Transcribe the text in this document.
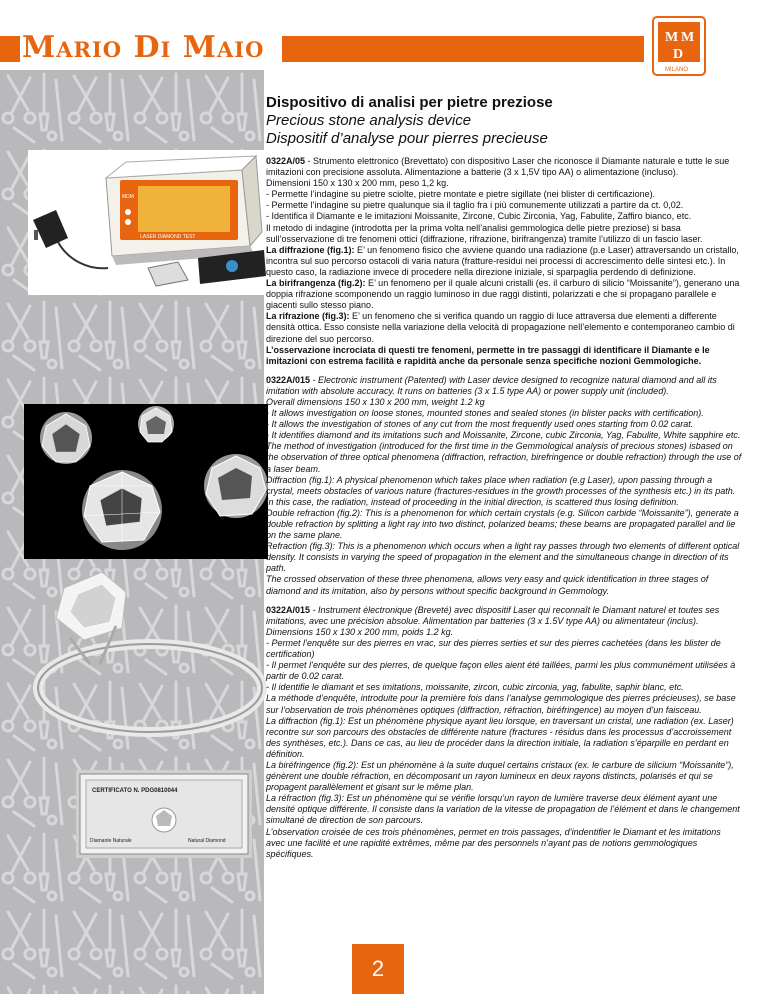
Mario Di Maio	M M
D
MILANO
MDM
LASER DIAMOND TEST
CERTIFICATO N. PDG0810044
Diamante Naturale	Natural Diamond

Dispositivo di analisi per pietre preziose

Precious stone analysis device

Dispositif d’analyse pour pierres precieuse

0322A/05 - Strumento elettronico (Brevettato) con dispositivo Laser che riconosce il Diamante naturale e tutte le sue imitazioni con precisione assoluta. Alimentazione a batterie (3 x 1,5V tipo AA) o alimentazione (incluso).

Dimensioni 150 x 130 x 200 mm, peso 1,2 kg.

- Permette l’indagine su pietre sciolte, pietre montate e pietre sigillate (nei blister di certificazione).

- Permette l’indagine su pietre qualunque sia il taglio fra i più comunemente utilizzati a partire da ct. 0,02.

- Identifica il Diamante e le imitazioni Moissanite, Zircone, Cubic Zirconia, Yag, Fabulite, Zaffiro bianco, etc.

Il metodo di indagine (introdotta per la prima volta nell’analisi gemmologica delle pietre preziose) si basa sull’osservazione di tre fenomeni ottici (diffrazione, rifrazione, birifrangenza) tramite l’utilizzo di un fascio laser.

La diffrazione (fig.1): E’ un fenomeno fisico che avviene quando una radiazione (p.e Laser) attraversando un cristallo, incontra sul suo percorso ostacoli di varia natura (fratture-residui nei processi di accrescimento delle sintesi etc.). In questo caso, la radiazione invece di procedere nella direzione iniziale, si sparpaglia perdendo di definizione.

La birifrangenza (fig.2): E’ un fenomeno per il quale alcuni cristalli (es. il carburo di silicio “Moissanite”), generano una doppia rifrazione scomponendo un raggio luminoso in due raggi distinti, polarizzati e che si propagano parallele e giacenti sullo stesso piano.

La rifrazione (fig.3): E’ un fenomeno che si verifica quando un raggio di luce attraversa due elementi a differente densità ottica. Esso consiste nella variazione della velocità di propagazione nell’elemento e contemporaneo cambio di direzione del suo percorso.

L’osservazione incrociata di questi tre fenomeni, permette in tre passaggi di identificare il Diamante e le imitazioni con estrema facilità e rapidità anche da personale senza specifiche nozioni Gemmologiche.

0322A/015 - Electronic instrument (Patented) with Laser device designed to recognize natural diamond and all its imitation with absolute accuracy. It runs on batteries (3 x 1.5 type AA) or power supply unit (included).

Overall dimensions 150 x 130 x 200 mm, weight 1.2 kg

- It allows investigation on loose stones, mounted stones and sealed stones (in blister packs with certification).

- It allows the investigation of stones of any cut from the most frequently used ones starting from 0.02 carat.

- It identifies diamond and its imitations such and Moissanite, Zircone, cubic Zirconia, Yag, Fabulite, White sapphire etc. The method of investigation (introduced for the first time in the Gemmological analysis of precious stones) isbased on the observation of three optical phenomena (diffraction, refraction, birefringence or double refraction) through the use of a laser beam.

Diffraction (fig.1): A physical phenomenon which takes place when radiation (e.g Laser), upon passing through a crystal, meets obstacles of various nature (fractures-residues in the growth processes of the synthesis etc.) in its path. In this case, the radiation, instead of proceeding in the initial direction, is scattered thus losing definition.

Double refraction (fig.2): This is a phenomenon for which certain crystals (e.g. Silicon carbide “Moissanite”), generate a double refraction by splitting a light ray into two distinct, polarized beams; these beams are propagated parallel and lie on the same plane.

Refraction (fig.3): This is a phenomenon which occurs when a light ray passes through two elements of different optical density. It consists in varying the speed of propagation in the element and the simultaneous change in direction of its path.

The crossed observation of these three phenomena, allows very easy and quick identification in three stages of diamond and its imitation, also by persons without specific background in Gemmology.

0322A/015 - Instrument électronique (Breveté) avec dispositif Laser qui reconnaît le Diamant naturel et toutes ses imitations, avec une précision absolue. Alimentation par batteries (3 x 1.5V type AA) ou alimentateur (inclus).

Dimensions 150 x 130 x 200 mm, poids 1.2 kg.

- Permet l’enquête sur des pierres en vrac, sur des pierres serties et sur des pierres cachetées (dans les blister de certification)

- Il permet l’enquête sur des pierres, de quelque façon elles aient été taillées, parmi les plus communément utilisées à partir de 0.02 carat.

- Il identifie le diamant et ses imitations, moissanite, zircon, cubic zirconia, yag, fabulite, saphir blanc, etc.

La méthode d’enquête, introduite pour la première fois dans l’analyse gemmologique des pierres précieuses), se base sur l’observation de trois phénomènes optiques (diffraction, réfraction, biréfringence) au moyen d’un faisceau.

La diffraction (fig.1): Est un phénomène physique ayant lieu lorsque, en traversant un cristal, une radiation (ex. Laser) recontre sur son parcours des obstacles de différente nature (fractures - résidus dans les processus d’accroissement des synthèses, etc.). Dans ce cas, au lieu de procéder dans la direction initiale, la radiation s’éparpille en perdant en définition.

La biréfringence (fig.2): Est un phénomène à la suite duquel certains cristaux (ex. le carbure de silicium “Moissanite”), génèrent une double réfraction, en décomposant un rayon lumineux en deux rayons distincts, polarisés et qui se propagent parallèlement et gisant sur le même plan.

La réfraction (fig.3): Est un phénomène qui se vérifie lorsqu’un rayon de lumière traverse deux élément ayant une densité optique différente. Il consiste dans la variation de la vitesse de propagation de l’élément et dans le changement simultané de direction de son parcours.

L’observation croisée de ces trois phénomènes, permet en trois passages, d’indentifier le Diamant et les imitations avec une facilité et une rapidité extrêmes, même par des personnels n’ayant pas de notions gemmologiques spécifiques.

2
